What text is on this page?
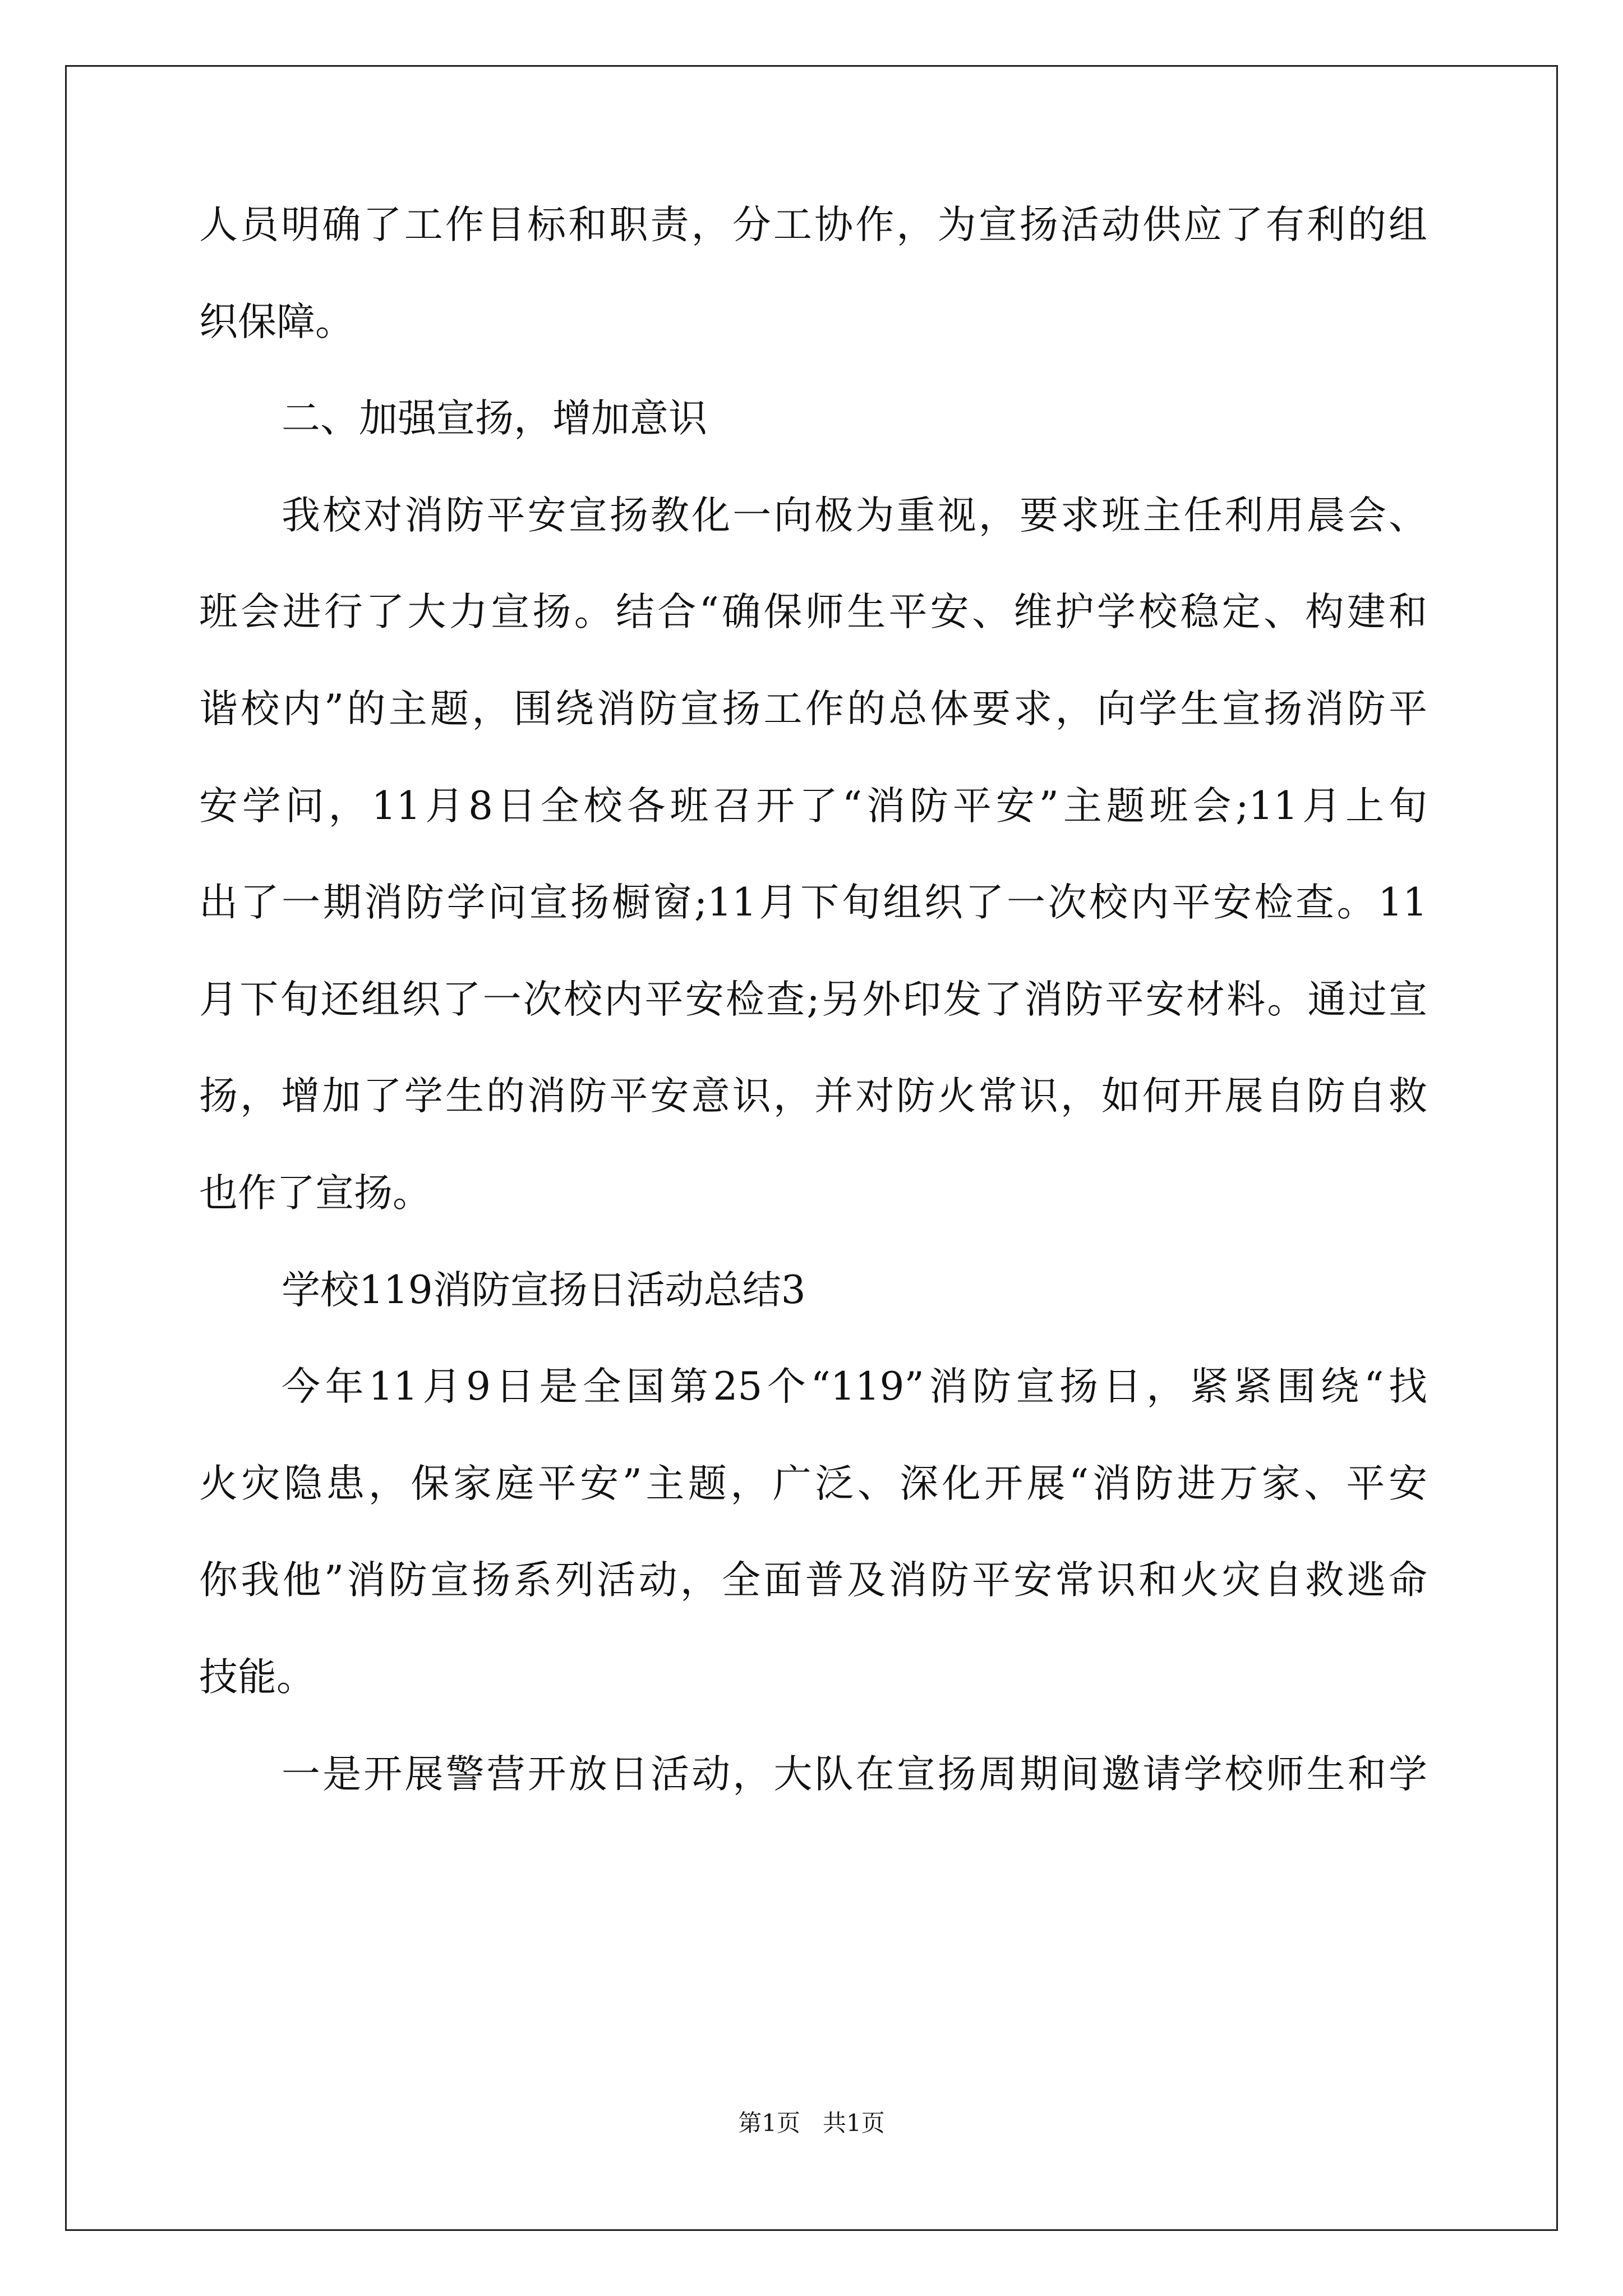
人员明确了工作目标和职责，分工协作，为宣扬活动供应了有利的组
织保障。
二、加强宣扬，增加意识
我校对消防平安宣扬教化一向极为重视，要求班主任利用晨会、
班会进行了大力宣扬。结合“确保师生平安、维护学校稳定、构建和
谐校内”的主题，围绕消防宣扬工作的总体要求，向学生宣扬消防平
安学问，11月8日全校各班召开了“消防平安”主题班会;11月上旬
出了一期消防学问宣扬橱窗;11月下旬组织了一次校内平安检查。11
月下旬还组织了一次校内平安检查;另外印发了消防平安材料。通过宣
扬，增加了学生的消防平安意识，并对防火常识，如何开展自防自救
也作了宣扬。
学校119消防宣扬日活动总结3
今年11月9日是全国第25个“119”消防宣扬日，紧紧围绕“找
火灾隐患，保家庭平安”主题，广泛、深化开展“消防进万家、平安
你我他”消防宣扬系列活动，全面普及消防平安常识和火灾自救逃命
技能。
一是开展警营开放日活动，大队在宣扬周期间邀请学校师生和学
第1页 共1页
